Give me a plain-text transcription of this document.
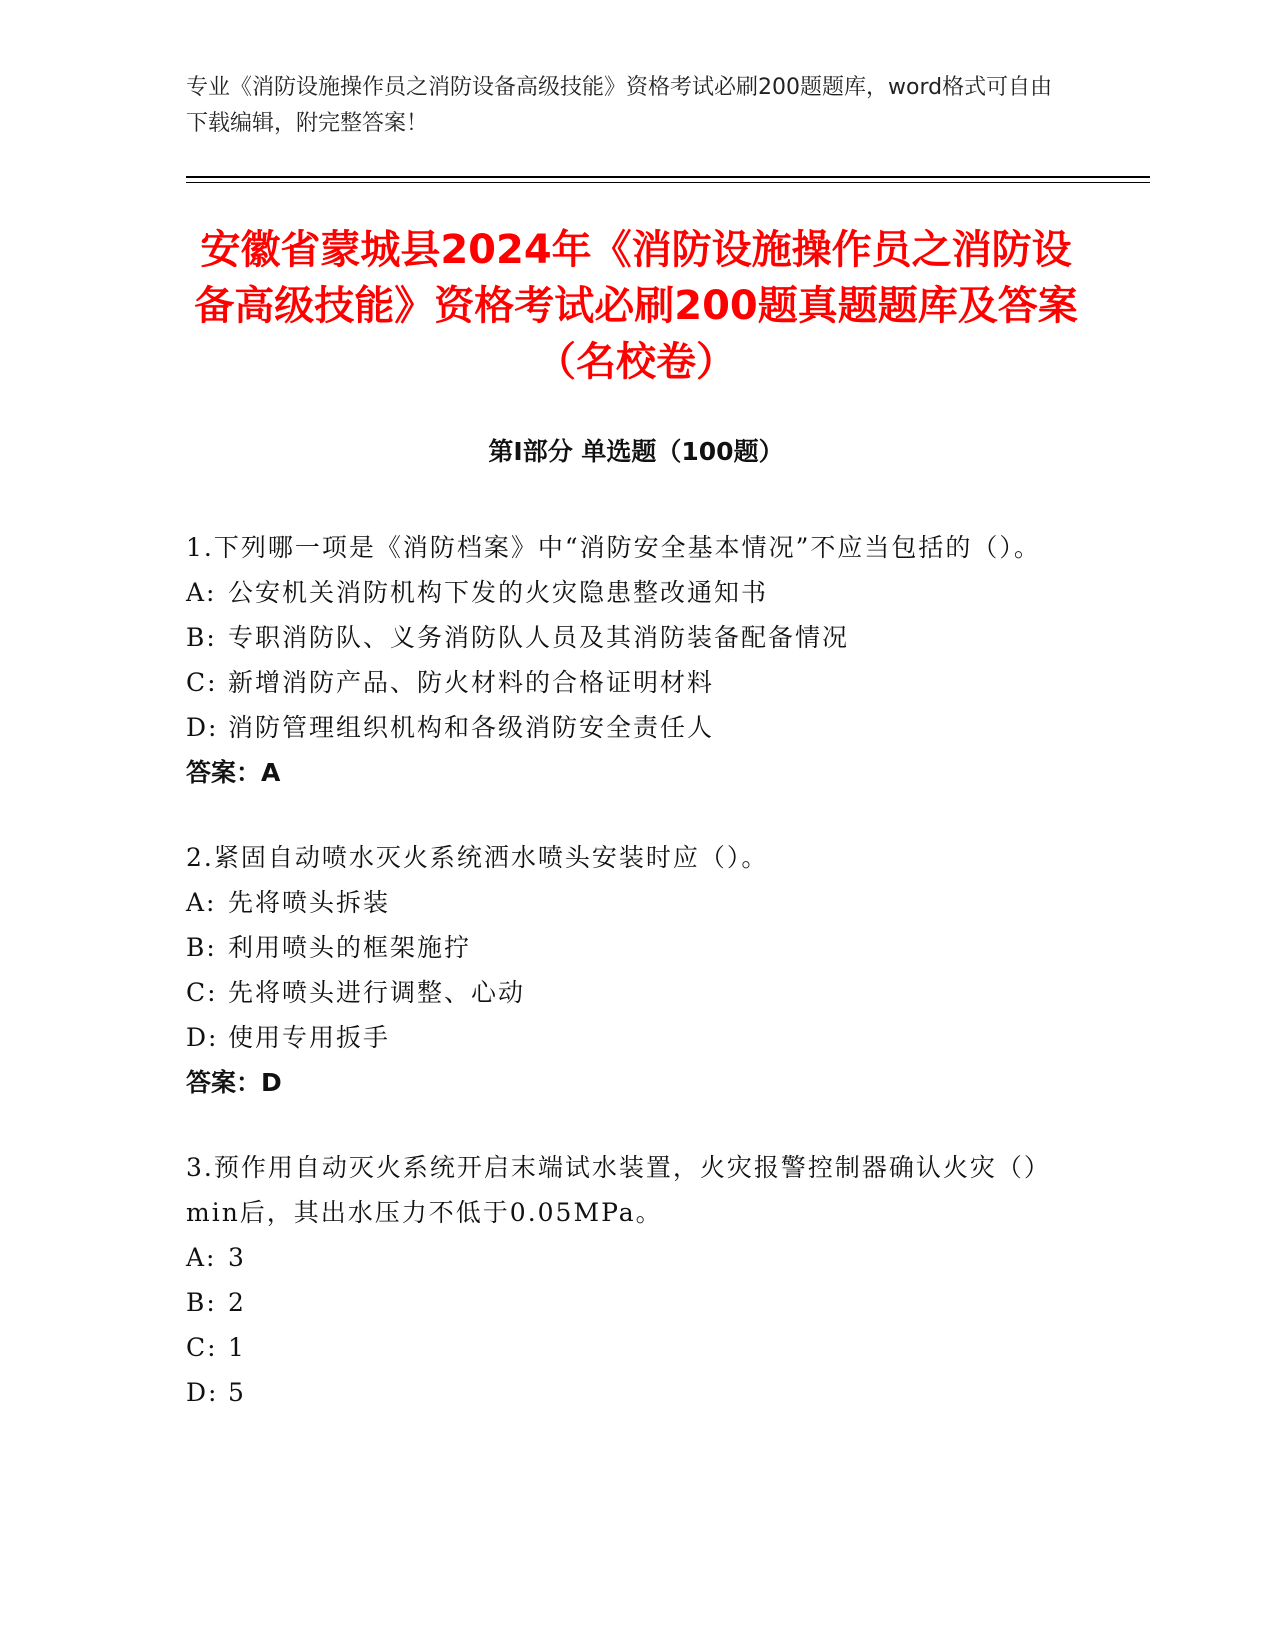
专业《消防设施操作员之消防设备高级技能》资格考试必刷200题题库，word格式可自由下载编辑，附完整答案！
安徽省蒙城县2024年《消防设施操作员之消防设备高级技能》资格考试必刷200题真题题库及答案（名校卷）
第Ⅰ部分 单选题（100题）
1.下列哪一项是《消防档案》中“消防安全基本情况”不应当包括的（）。
A: 公安机关消防机构下发的火灾隐患整改通知书
B: 专职消防队、义务消防队人员及其消防装备配备情况
C: 新增消防产品、防火材料的合格证明材料
D: 消防管理组织机构和各级消防安全责任人
答案：A
2.紧固自动喷水灭火系统洒水喷头安装时应（）。
A: 先将喷头拆装
B: 利用喷头的框架施拧
C: 先将喷头进行调整、心动
D: 使用专用扳手
答案：D
3.预作用自动灭火系统开启末端试水装置，火灾报警控制器确认火灾（）min后，其出水压力不低于0.05MPa。
A: 3
B: 2
C: 1
D: 5
